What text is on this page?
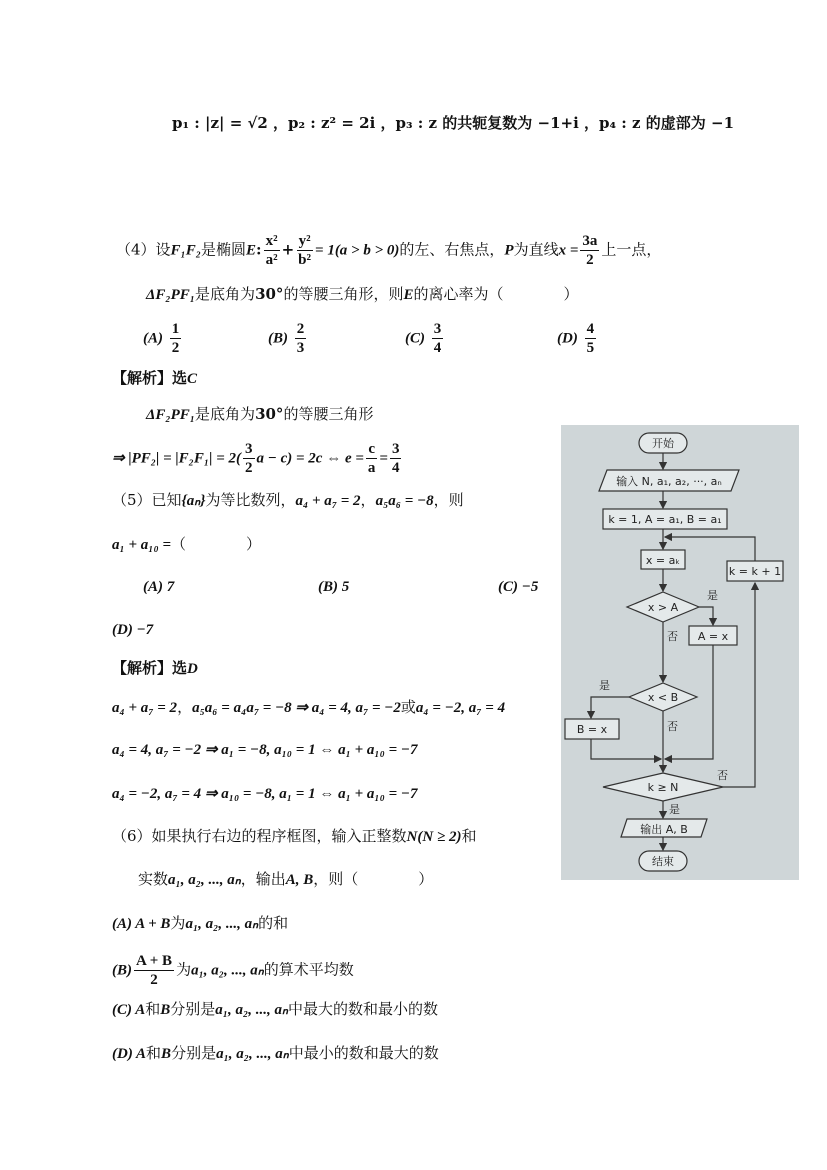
p₁ : |z| = √2 ，p₂ : z² = 2i ，p₃ : z 的共轭复数为 −1+i ，p₄ : z 的虚部为 −1
（4）设F₁F₂是椭圆E: $\frac{\text{x²}}{\text{a²}} + \frac{\text{y²}}{\text{b²}} = 1(a > b > 0)$的左、右焦点，P为直线$x = \frac{3a}{2}$ 上一点，
ΔF₂PF₁是底角为30°的等腰三角形，则E的离心率为（　　　　）
$(A) \frac{1}{2}$	$(B) \frac{2}{3}$	$(C) \frac{3}{4}$	$(D) \frac{4}{5}$
【解析】选C
ΔF₂PF₁是底角为30°的等腰三角形
⇒ $|PF_2| = |F_2F_1| = 2( \frac{3}{2}$ a − c) = 2c ⇔ $e = \frac{c}{a} = \frac{3}{4}$
（5）已知{aₙ}为等比数列，a₄ + a₇ = 2，a₅a₆ = −8，则
a₁ + a₁₀ =（　　　　）
(A) 7	(B) 5	(C) −5
(D) −7
【解析】选D
a₄ + a₇ = 2，a₅a₆ = a₄a₇ = −8 ⇒ a₄ = 4, a₇ = −2或a₄ = −2, a₇ = 4
a₄ = 4, a₇ = −2 ⇒ a₁ = −8, a₁₀ = 1 ⇔ a₁ + a₁₀ = −7
a₄ = −2, a₇ = 4 ⇒ a₁₀ = −8, a₁ = 1 ⇔ a₁ + a₁₀ = −7
（6）如果执行右边的程序框图，输入正整数N(N ≥ 2)和
实数a₁, a₂, ..., aₙ，输出A, B，则（　　　　）
(A) A + B为a₁, a₂, ..., aₙ的和
$(B) \frac{A + B}{2}$ 为a₁, a₂, ..., aₙ的算术平均数
(C) A和B分别是a₁, a₂, ..., aₙ中最大的数和最小的数
(D) A和B分别是a₁, a₂, ..., aₙ中最小的数和最大的数
开始
输入 N, a₁, a₂, ···, aₙ
k = 1, A = a₁, B = a₁
x = aₖ
k = k + 1
x > A
是
A = x
否
x < B
是
B = x	否
k ≥ N
否
是
输出 A, B
结束
